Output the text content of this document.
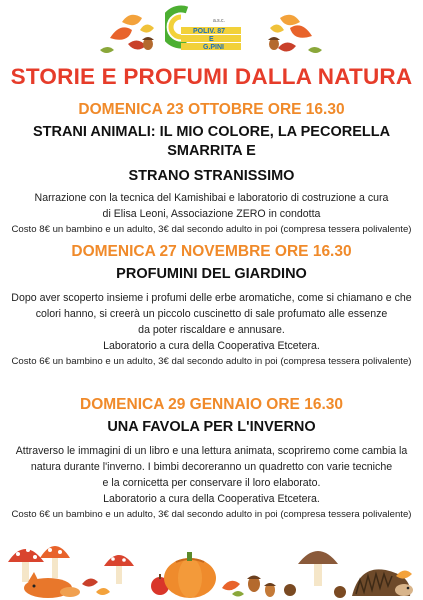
a.s.c.
POLIV. 87
E
G.PINI
STORIE E PROFUMI DALLA NATURA
DOMENICA 23 OTTOBRE ORE 16.30
STRANI ANIMALI: IL MIO COLORE, LA PECORELLA SMARRITA E
STRANO STRANISSIMO
Narrazione con la tecnica del Kamishibai e laboratorio di costruzione a cura
di Elisa Leoni, Associazione ZERO in condotta
Costo 8€ un bambino e un adulto, 3€ dal secondo adulto in poi (compresa tessera polivalente)
DOMENICA 27 NOVEMBRE ORE 16.30
PROFUMINI DEL GIARDINO
Dopo aver scoperto insieme i profumi delle erbe aromatiche, come si chiamano e che
colori hanno, si creerà un piccolo cuscinetto di sale profumato alle essenze
da poter riscaldare e annusare.
Laboratorio a cura della Cooperativa Etcetera.
Costo 6€ un bambino e un adulto, 3€ dal secondo adulto in poi (compresa tessera polivalente)
DOMENICA 29 GENNAIO ORE 16.30
UNA FAVOLA PER L'INVERNO
Attraverso le immagini di un libro e una lettura animata, scopriremo come cambia la
natura durante l'inverno. I bimbi decoreranno un quadretto con varie tecniche
e la cornicetta per conservare il loro elaborato.
Laboratorio a cura della Cooperativa Etcetera.
Costo 6€ un bambino e un adulto, 3€ dal secondo adulto in poi (compresa tessera polivalente)
